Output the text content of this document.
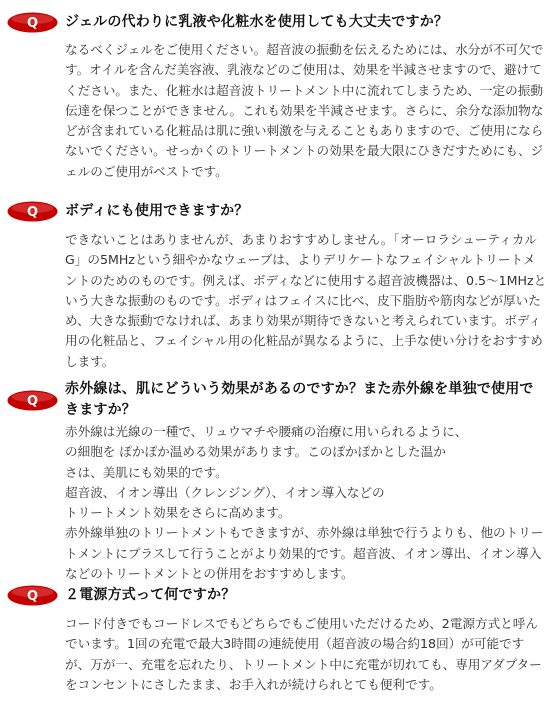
Q ジェルの代わりに乳液や化粧水を使用しても大丈夫ですか？

なるべくジェルをご使用ください。超音波の振動を伝えるためには、水分が不可欠です。オイルを含んだ美容液、乳液などのご使用は、効果を半減させますので、避けてください。また、化粧水は超音波トリートメント中に流れてしまうため、一定の振動伝達を保つことができません。これも効果を半減させます。さらに、余分な添加物などが含まれている化粧品は肌に強い刺激を与えることもありますので、ご使用にならないでください。せっかくのトリートメントの効果を最大限にひきだすためにも、ジェルのご使用がベストです。

Q ボディにも使用できますか？

できないことはありませんが、あまりおすすめしません。「オーロラシューティカルG」の5MHzという細やかなウェーブは、よりデリケートなフェイシャルトリートメントのためのものです。例えば、ボディなどに使用する超音波機器は、0.5〜1MHzという大きな振動のものです。ボディはフェイスに比べ、皮下脂肪や筋肉などが厚いため、大きな振動でなければ、あまり効果が期待できないと考えられています。ボディ用の化粧品と、フェイシャル用の化粧品が異なるように、上手な使い分けをおすすめします。

Q
赤外線は、肌にどういう効果があるのですか？また赤外線を単独で使用できますか？

赤外線は光線の一種で、リュウマチや腰痛の治療に用いられるように、

の細胞を ぽかぽか温める効果があります。このぽかぽかとした温か

さは、美肌にも効果的です。

超音波、イオン導出（クレンジング）、イオン導入などの

トリートメント効果をさらに高めます。

赤外線単独のトリートメントもできますが、赤外線は単独で行うよりも、他のトリートメントにプラスして行うことがより効果的です。超音波、イオン導出、イオン導入などのトリートメントとの併用をおすすめします。

Q ２電源方式って何ですか？

コード付きでもコードレスでもどちらでもご使用いただけるため、2電源方式と呼んでいます。1回の充電で最大3時間の連続使用（超音波の場合約18回）が可能ですが、万が一、充電を忘れたり、トリートメント中に充電が切れても、専用アダプターをコンセントにさしたまま、お手入れが続けられとても便利です。
